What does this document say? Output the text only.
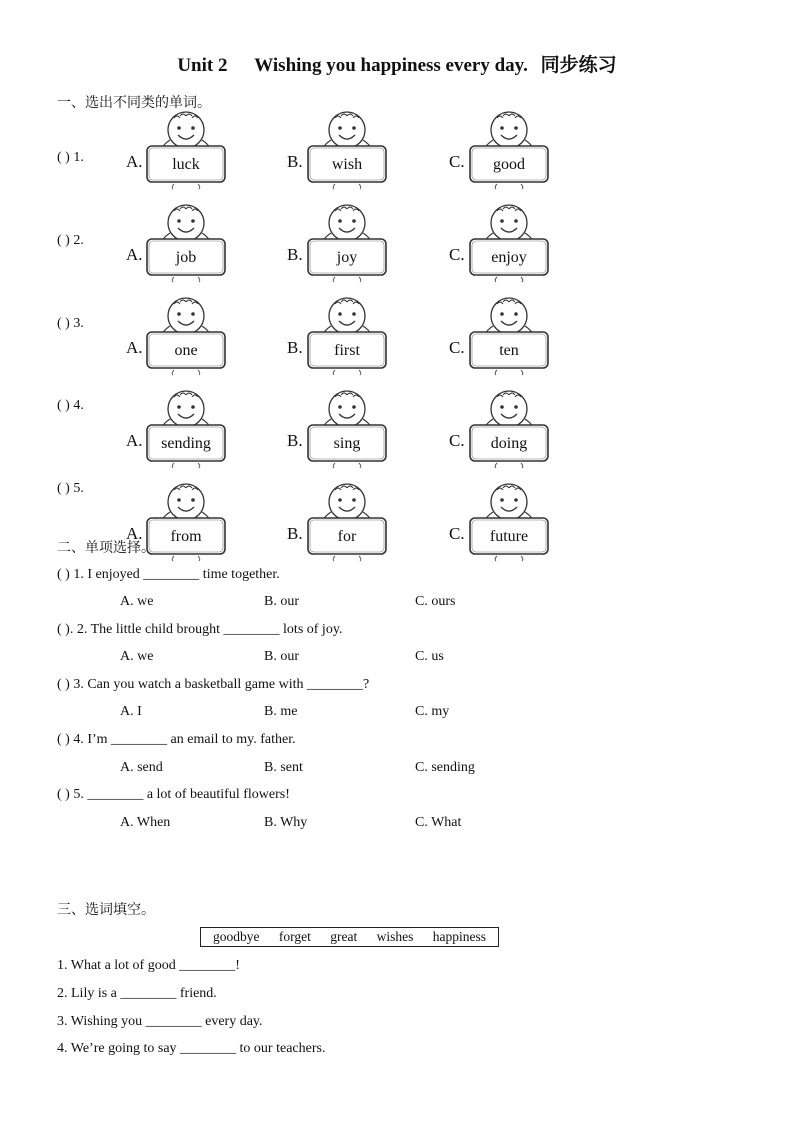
Unit 2 Wishing you happiness every day. 同步练习
一、选出不同类的单词。
( ) 1. A.	luck	B.	wish	C.	good
( ) 2.
A.	job	B.	joy	C.	enjoy
( ) 3.
A.	one	B.	first	C.	ten
( ) 4.
A.	sending	B.	sing	C.	doing
( ) 5.
A.	from	B.	for	C.	future
二、单项选择。
( ) 1. I enjoyed ________ time together.
A. we	B. our	C. ours
( ). 2. The little child brought ________ lots of joy.
A. we	B. our	C. us
( ) 3. Can you watch a basketball game with ________?
A. I	B. me	C. my
( ) 4. I’m ________ an email to my. father.
A. send	B. sent	C. sending
( ) 5. ________ a lot of beautiful flowers!
A. When	B. Why	C. What
三、选词填空。
goodbye forget great wishes happiness
1. What a lot of good ________!
2. Lily is a ________ friend.
3. Wishing you ________ every day.
4. We’re going to say ________ to our teachers.
